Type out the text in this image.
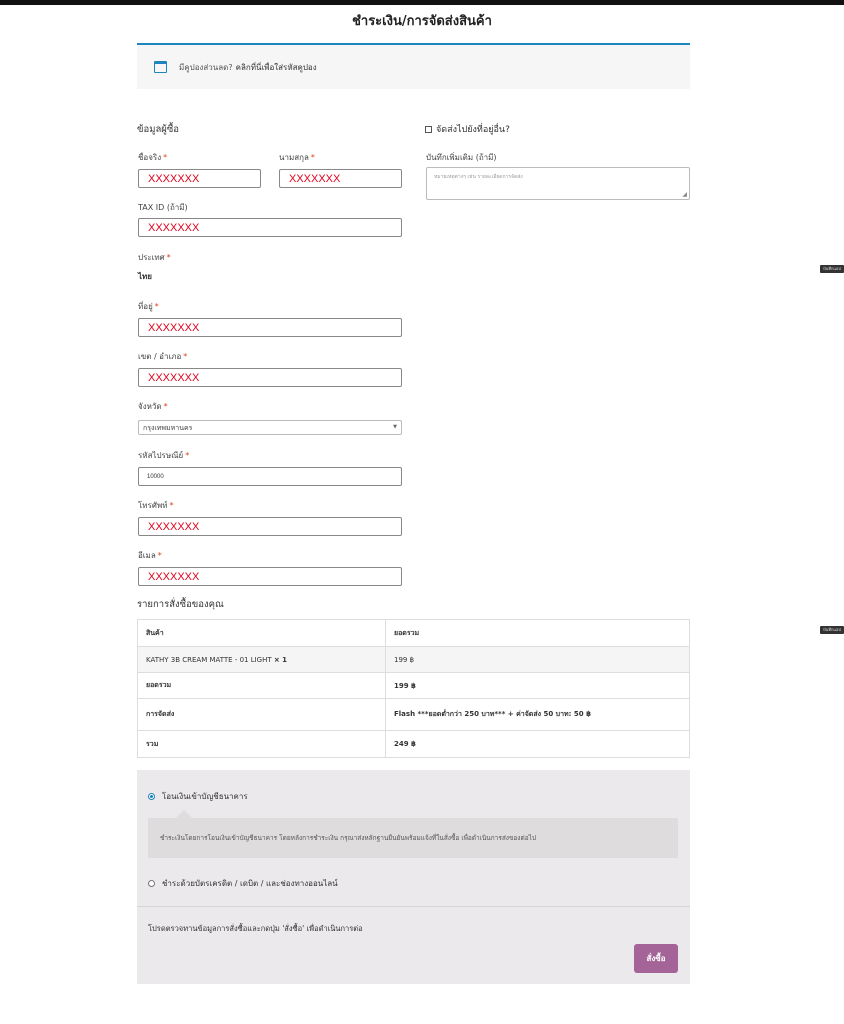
ชำระเงิน/การจัดส่งสินค้า
มีคูปองส่วนลด? คลิกที่นี่เพื่อใส่รหัสคูปอง
ข้อมูลผู้ซื้อ
ชื่อจริง *
XXXXXXX
นามสกุล *
XXXXXXX
TAX ID (ถ้ามี)
XXXXXXX
ประเทศ *
ไทย
ที่อยู่ *
XXXXXXX
เขต / อำเภอ *
XXXXXXX
จังหวัด *
กรุงเทพมหานคร	▼
รหัสไปรษณีย์ *
10000
โทรศัพท์ *
XXXXXXX
อีเมล *
XXXXXXX
จัดส่งไปยังที่อยู่อื่น?
บันทึกเพิ่มเติม (ถ้ามี)
หมายเหตุต่างๆ เช่น รายละเอียดการจัดส่ง
◢
บันทึกแอป
บันทึกแอป
รายการสั่งซื้อของคุณ
สินค้า	ยอดรวม
KATHY 3B CREAM MATTE - 01 LIGHT × 1	199 ฿
ยอดรวม	199 ฿
การจัดส่ง	Flash ***ยอดต่ำกว่า 250 บาท*** + ค่าจัดส่ง 50 บาท: 50 ฿
รวม	249 ฿
โอนเงินเข้าบัญชีธนาคาร
ชำระเงินโดยการโอนเงินเข้าบัญชีธนาคาร โดยหลังการชำระเงิน กรุณาส่งหลักฐานยืนยันพร้อมแจ้งที่ในสั่งซื้อ เพื่อดำเนินการส่งของต่อไป
ชำระด้วยบัตรเครดิต / เดบิต / และช่องทางออนไลน์
โปรดตรวจทานข้อมูลการสั่งซื้อและกดปุ่ม 'สั่งซื้อ' เพื่อดำเนินการต่อ
สั่งซื้อ
